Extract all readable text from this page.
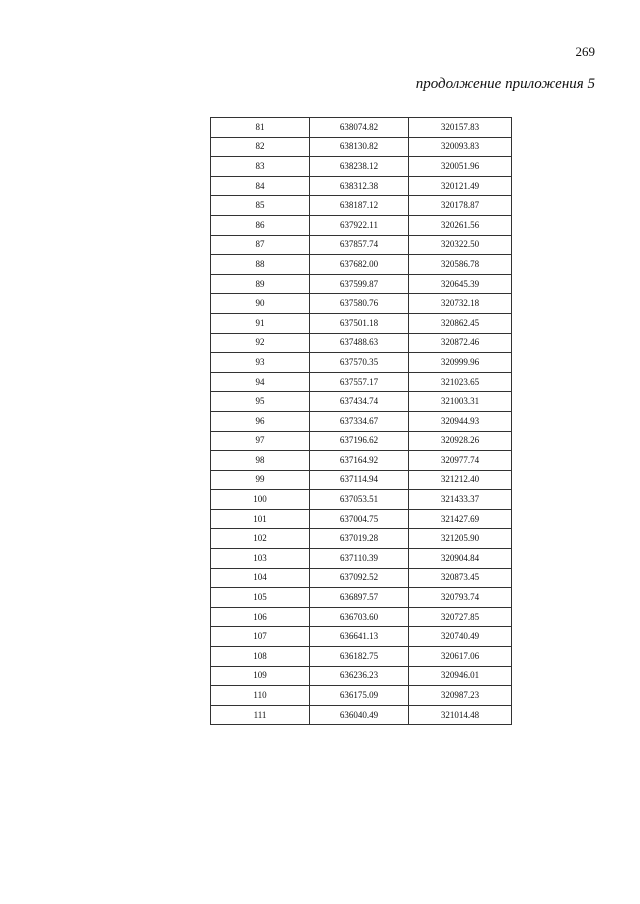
269
продолжение приложения 5
81	638074.82	320157.83
82	638130.82	320093.83
83	638238.12	320051.96
84	638312.38	320121.49
85	638187.12	320178.87
86	637922.11	320261.56
87	637857.74	320322.50
88	637682.00	320586.78
89	637599.87	320645.39
90	637580.76	320732.18
91	637501.18	320862.45
92	637488.63	320872.46
93	637570.35	320999.96
94	637557.17	321023.65
95	637434.74	321003.31
96	637334.67	320944.93
97	637196.62	320928.26
98	637164.92	320977.74
99	637114.94	321212.40
100	637053.51	321433.37
101	637004.75	321427.69
102	637019.28	321205.90
103	637110.39	320904.84
104	637092.52	320873.45
105	636897.57	320793.74
106	636703.60	320727.85
107	636641.13	320740.49
108	636182.75	320617.06
109	636236.23	320946.01
110	636175.09	320987.23
111	636040.49	321014.48
